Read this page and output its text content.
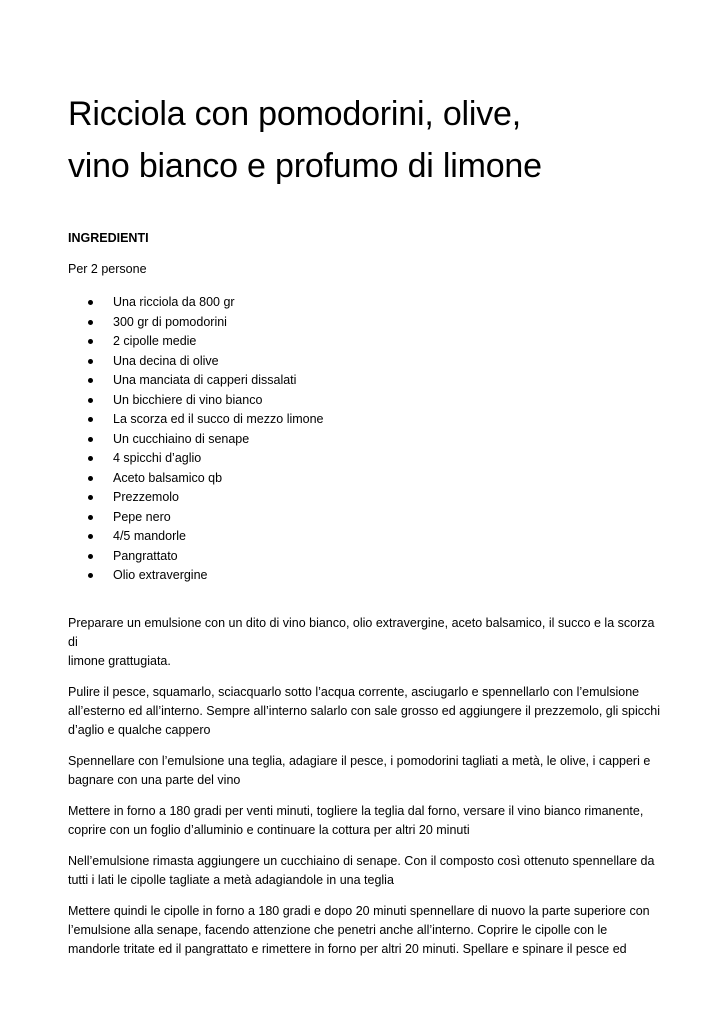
Ricciola con pomodorini, olive,
vino bianco e profumo di limone

INGREDIENTI

Per 2 persone

Una ricciola da 800 gr
300 gr di pomodorini
2 cipolle medie
Una decina di olive
Una manciata di capperi dissalati
Un bicchiere di vino bianco
La scorza ed il succo di mezzo limone
Un cucchiaino di senape
4 spicchi d’aglio
Aceto balsamico qb
Prezzemolo
Pepe nero
4/5 mandorle
Pangrattato
Olio extravergine

Preparare un emulsione con un dito di vino bianco, olio extravergine, aceto balsamico, il succo e la scorza di
limone grattugiata.

Pulire il pesce, squamarlo, sciacquarlo sotto l’acqua corrente, asciugarlo e spennellarlo con l’emulsione
all’esterno ed all’interno. Sempre all’interno salarlo con sale grosso ed aggiungere il prezzemolo, gli spicchi
d’aglio e qualche cappero

Spennellare con l’emulsione una teglia, adagiare il pesce, i pomodorini tagliati a metà, le olive, i capperi e
bagnare con una parte del vino

Mettere in forno a 180 gradi per venti minuti, togliere la teglia dal forno, versare il vino bianco rimanente,
coprire con un foglio d’alluminio e continuare la cottura per altri 20 minuti

Nell’emulsione rimasta aggiungere un cucchiaino di senape. Con il composto così ottenuto spennellare da
tutti i lati le cipolle tagliate a metà adagiandole in una teglia

Mettere quindi le cipolle in forno a 180 gradi e dopo 20 minuti spennellare di nuovo la parte superiore con
l’emulsione alla senape, facendo attenzione che penetri anche all’interno. Coprire le cipolle con le
mandorle tritate ed il pangrattato e rimettere in forno per altri 20 minuti. Spellare e spinare il pesce ed
